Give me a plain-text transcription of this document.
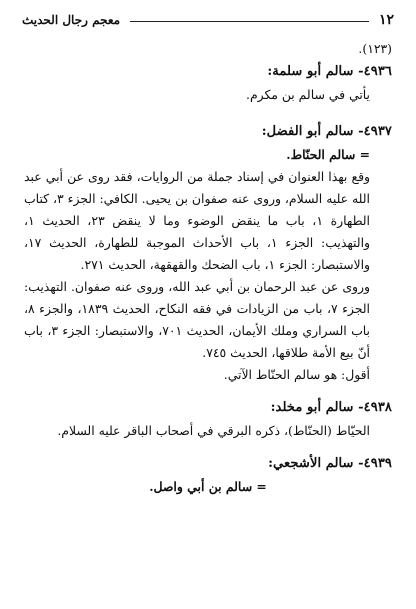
١٢
معجم رجال الحديث

(١٢٣).

٤٩٣٦- سالم أبو سلمة:

يأتي في سالم بن مكرم.

٤٩٣٧- سالم أبو الفضل:

= سالم الحنّاط.

وقع بهذا العنوان في إسناد جملة من الروايات، فقد روى عن أبي عبد الله عليه السلام، وروى عنه صفوان بن يحيى. الكافي: الجزء ٣، كتاب الطهارة ١، باب ما ينقض الوضوء وما لا ينقض ٢٣، الحديث ١، والتهذيب: الجزء ١، باب الأحداث الموجبة للطهارة، الحديث ١٧، والاستبصار: الجزء ١، باب الضحك والقهقهة، الحديث ٢٧١.

وروى عن عبد الرحمان بن أبي عبد الله، وروى عنه صفوان. التهذيب: الجزء ٧، باب من الزيادات في فقه النكاح، الحديث ١٨٣٩، والجزء ٨، باب السراري وملك الأيمان، الحديث ٧٠١، والاستبصار: الجزء ٣، باب أنّ بيع الأمة طلاقها، الحديث ٧٤٥.

أقول: هو سالم الحنّاط الآتي.

٤٩٣٨- سالم أبو مخلد:

الحيّاط (الحنّاط)، ذكره البرقي في أصحاب الباقر عليه السلام.

٤٩٣٩- سالم الأشجعي:

= سالم بن أبي واصل.
